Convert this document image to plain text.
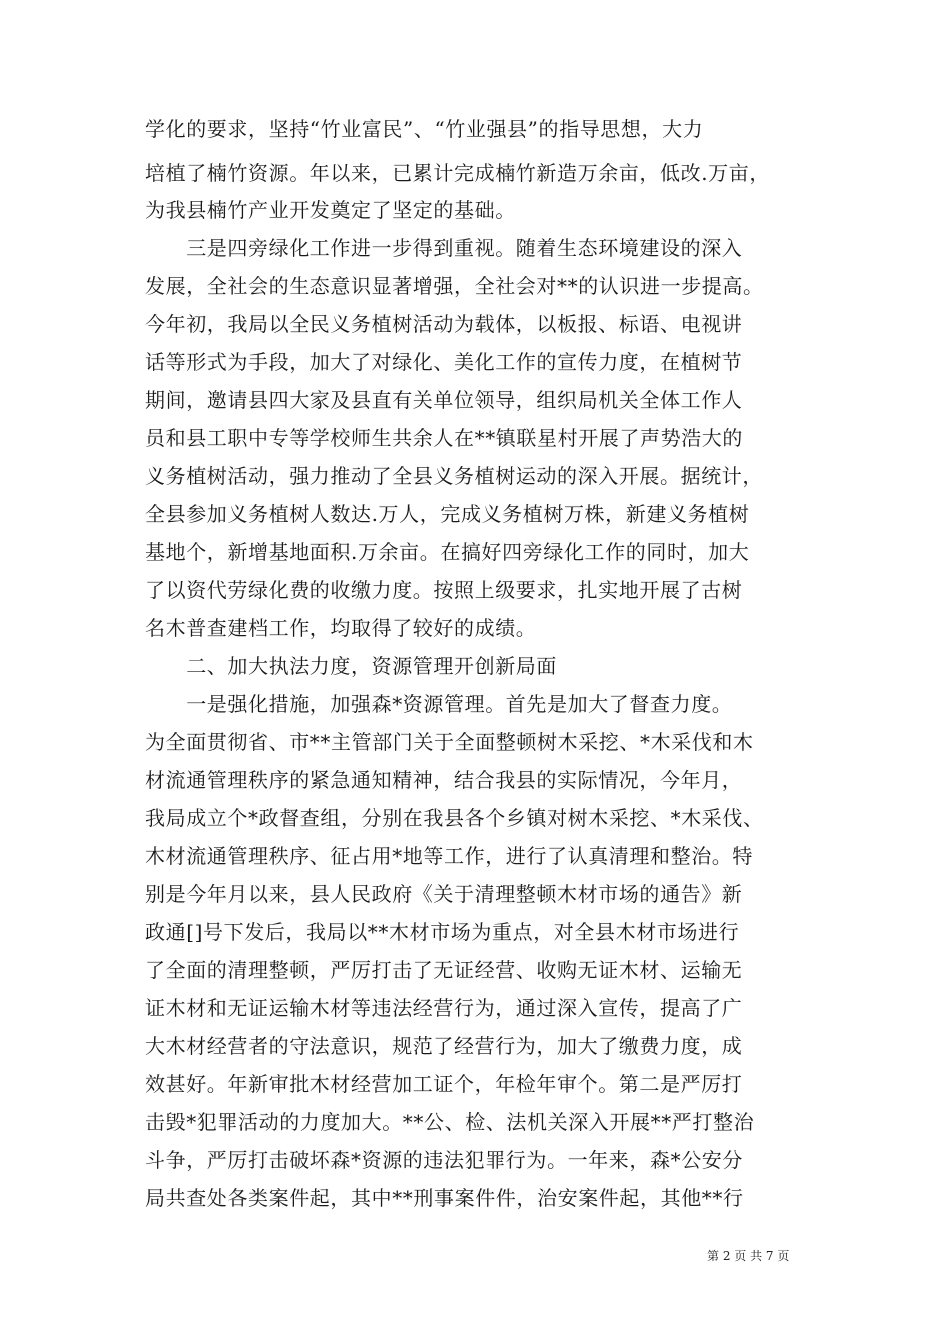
学化的要求，坚持“竹业富民”、“竹业强县”的指导思想，大力
培植了楠竹资源。年以来，已累计完成楠竹新造万余亩，低改.万亩，
为我县楠竹产业开发奠定了坚定的基础。
　　三是四旁绿化工作进一步得到重视。随着生态环境建设的深入
发展，全社会的生态意识显著增强，全社会对**的认识进一步提高。
今年初，我局以全民义务植树活动为载体，以板报、标语、电视讲
话等形式为手段，加大了对绿化、美化工作的宣传力度，在植树节
期间，邀请县四大家及县直有关单位领导，组织局机关全体工作人
员和县工职中专等学校师生共余人在**镇联星村开展了声势浩大的
义务植树活动，强力推动了全县义务植树运动的深入开展。据统计，
全县参加义务植树人数达.万人，完成义务植树万株，新建义务植树
基地个，新增基地面积.万余亩。在搞好四旁绿化工作的同时，加大
了以资代劳绿化费的收缴力度。按照上级要求，扎实地开展了古树
名木普查建档工作，均取得了较好的成绩。
　　二、加大执法力度，资源管理开创新局面
　　一是强化措施，加强森*资源管理。首先是加大了督查力度。
为全面贯彻省、市**主管部门关于全面整顿树木采挖、*木采伐和木
材流通管理秩序的紧急通知精神，结合我县的实际情况，今年月，
我局成立个*政督查组，分别在我县各个乡镇对树木采挖、*木采伐、
木材流通管理秩序、征占用*地等工作，进行了认真清理和整治。特
别是今年月以来，县人民政府《关于清理整顿木材市场的通告》新
政通[]号下发后，我局以**木材市场为重点，对全县木材市场进行
了全面的清理整顿，严厉打击了无证经营、收购无证木材、运输无
证木材和无证运输木材等违法经营行为，通过深入宣传，提高了广
大木材经营者的守法意识，规范了经营行为，加大了缴费力度，成
效甚好。年新审批木材经营加工证个，年检年审个。第二是严厉打
击毁*犯罪活动的力度加大。**公、检、法机关深入开展**严打整治
斗争，严厉打击破坏森*资源的违法犯罪行为。一年来，森*公安分
局共查处各类案件起，其中**刑事案件件，治安案件起，其他**行
第 2 页 共 7 页
